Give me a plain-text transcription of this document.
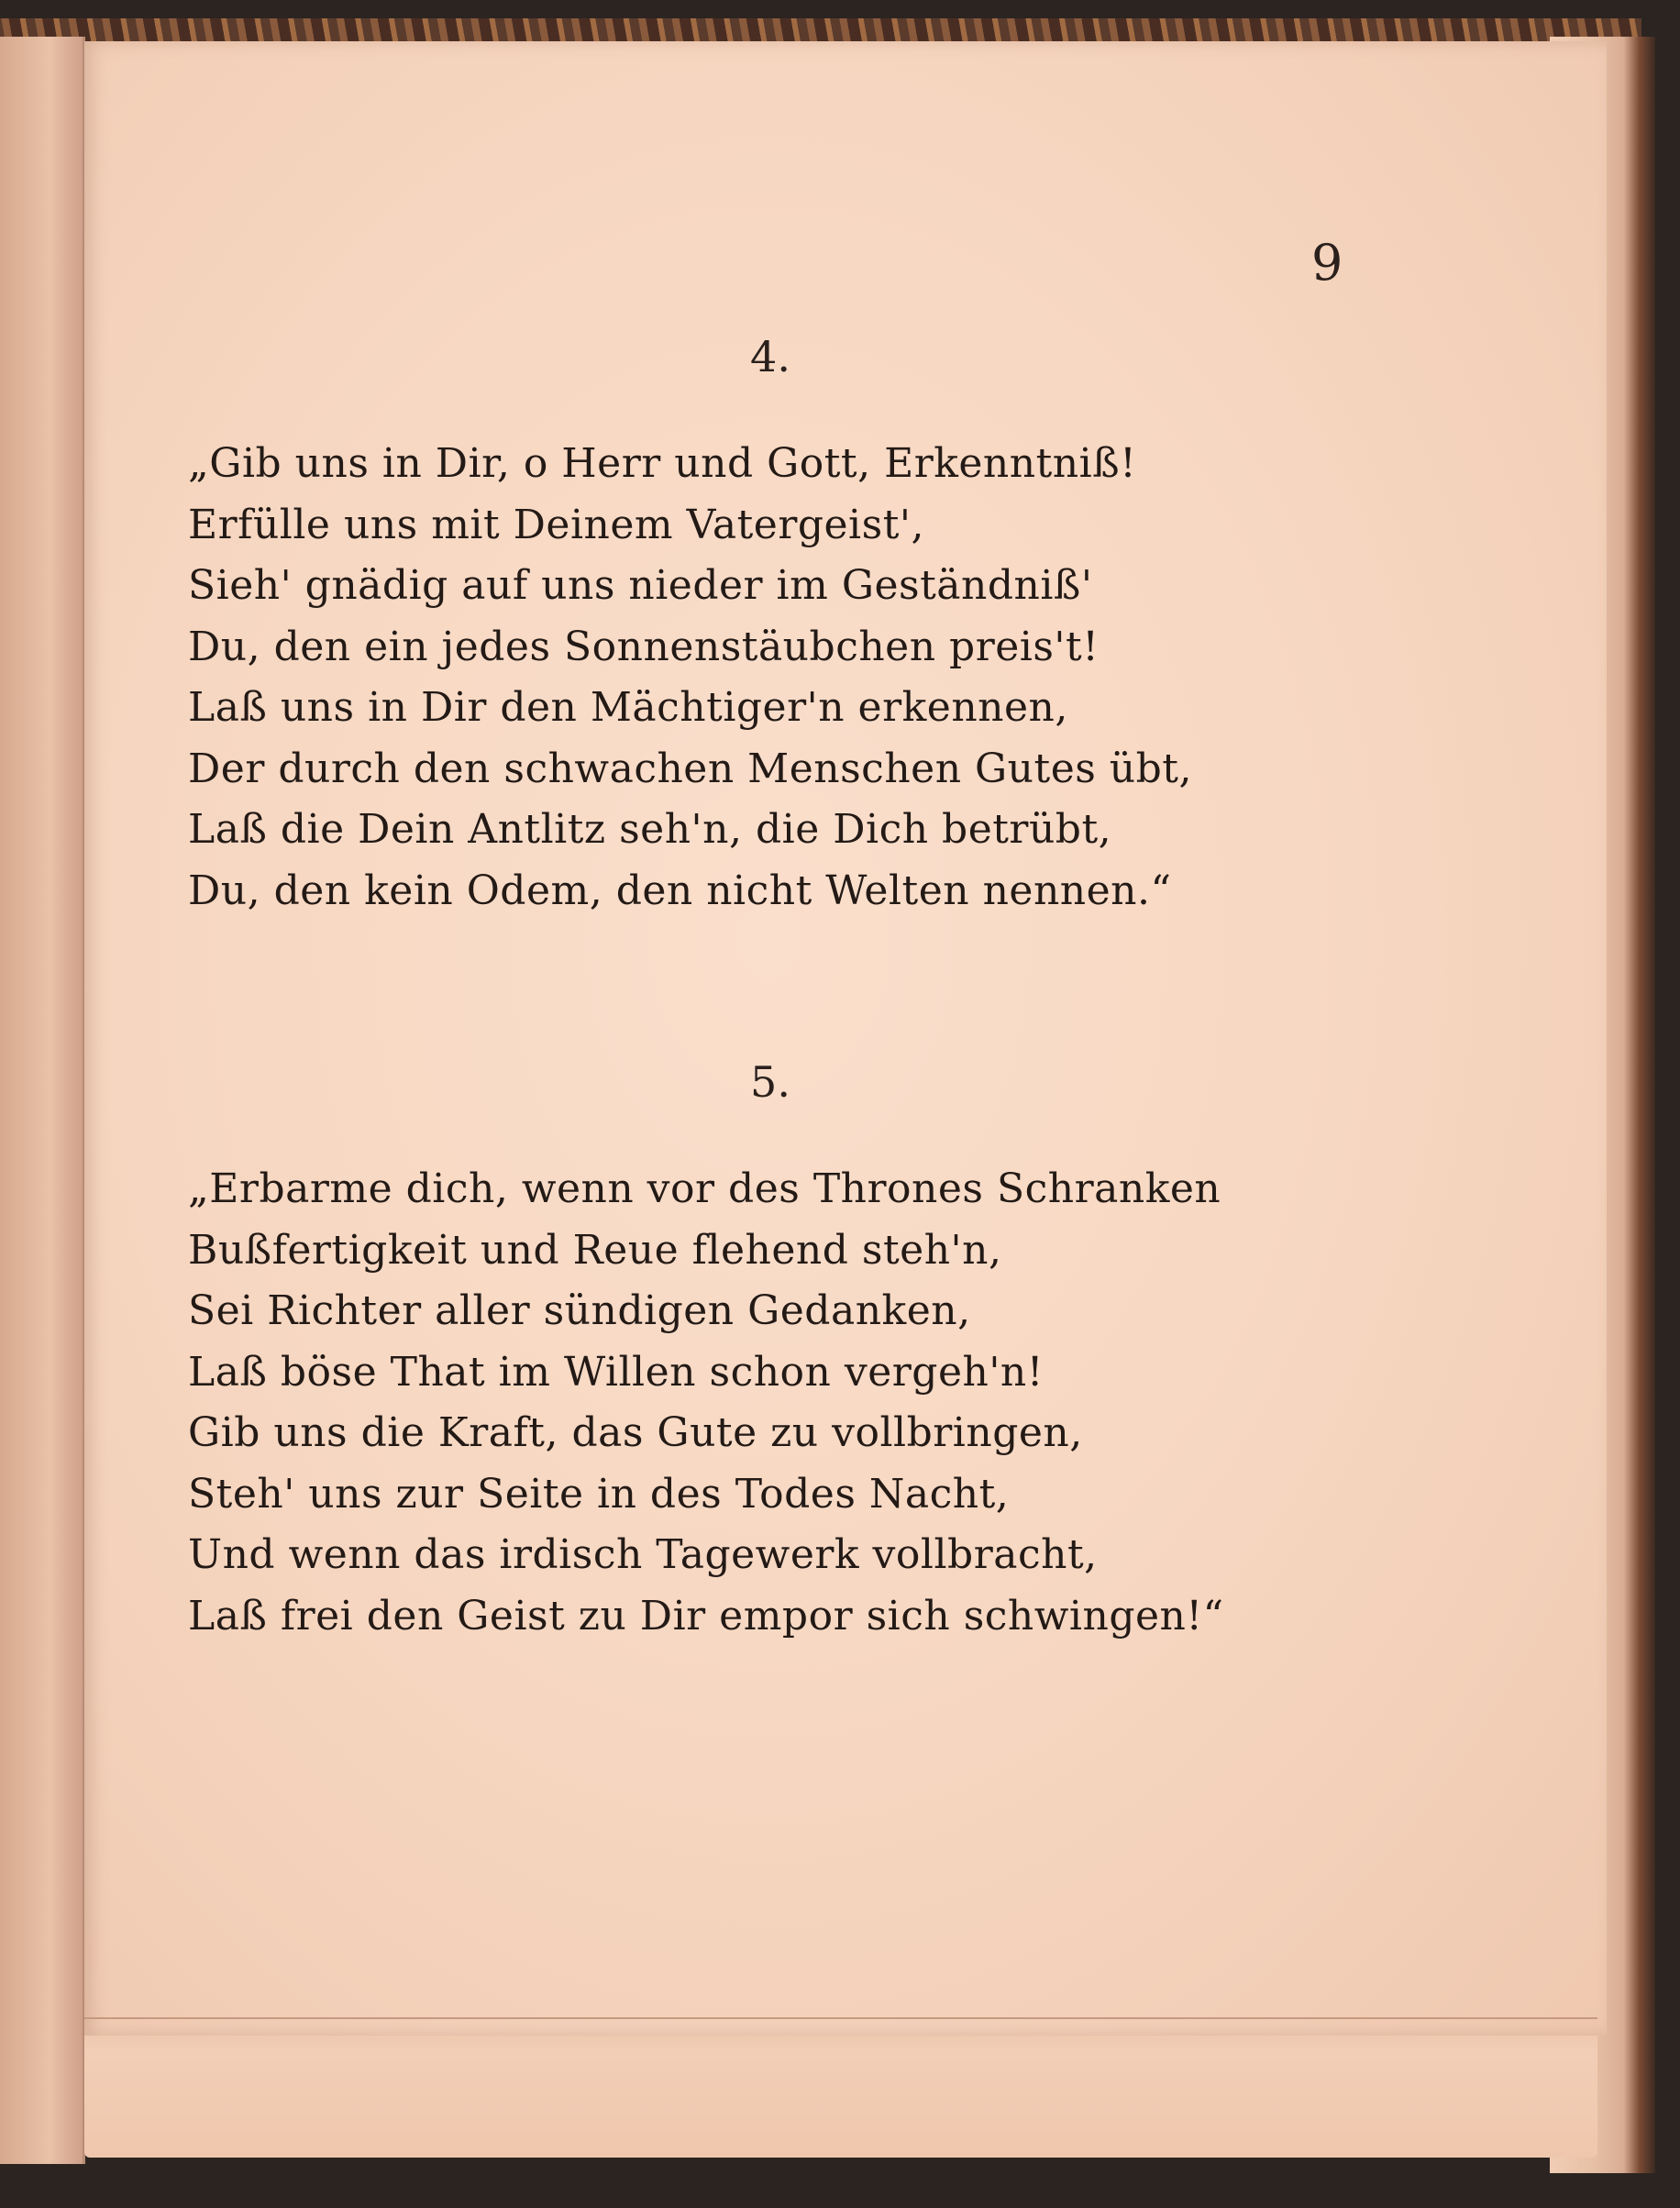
9
4.
„Gib uns in Dir, o Herr und Gott, Erkenntniß!
Erfülle uns mit Deinem Vatergeist',
Sieh' gnädig auf uns nieder im Geständniß'
Du, den ein jedes Sonnenstäubchen preis't!
Laß uns in Dir den Mächtiger'n erkennen,
Der durch den schwachen Menschen Gutes übt,
Laß die Dein Antlitz seh'n, die Dich betrübt,
Du, den kein Odem, den nicht Welten nennen.“
5.
„Erbarme dich, wenn vor des Thrones Schranken
Bußfertigkeit und Reue flehend steh'n,
Sei Richter aller sündigen Gedanken,
Laß böse That im Willen schon vergeh'n!
Gib uns die Kraft, das Gute zu vollbringen,
Steh' uns zur Seite in des Todes Nacht,
Und wenn das irdisch Tagewerk vollbracht,
Laß frei den Geist zu Dir empor sich schwingen!“
